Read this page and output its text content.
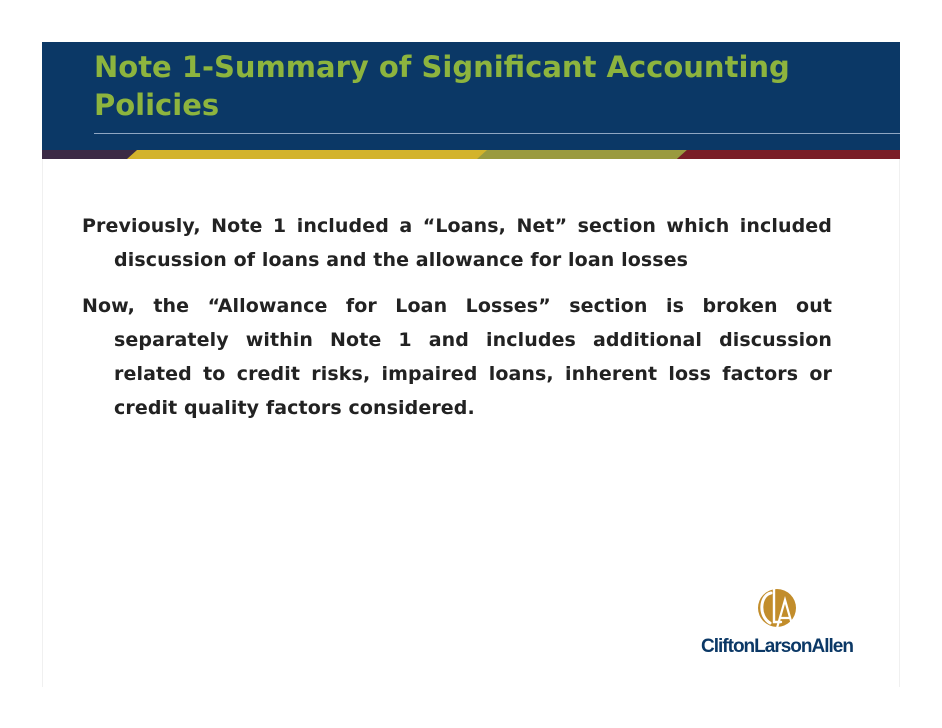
Note 1-Summary of Significant Accounting Policies

Previously, Note 1 included a “Loans, Net” section which included discussion of loans and the allowance for loan losses

Now, the “Allowance for Loan Losses” section is broken out separately within Note 1 and includes additional discussion related to credit risks, impaired loans, inherent loss factors or credit quality factors considered.

CliftonLarsonAllen
